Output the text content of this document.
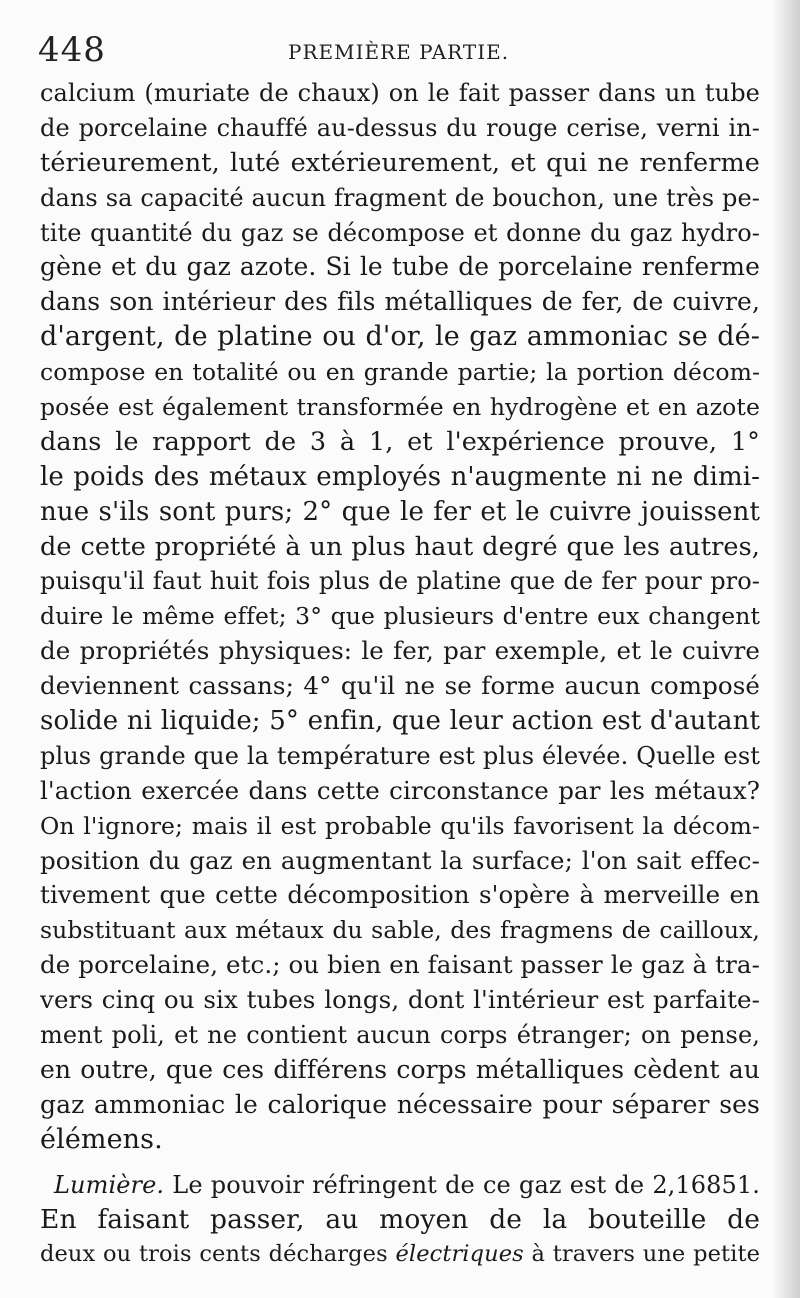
448	PREMIÈRE PARTIE.
calcium (muriate de chaux) on le fait passer dans un tube
de porcelaine chauffé au-dessus du rouge cerise, verni in-
térieurement, luté extérieurement, et qui ne renferme
dans sa capacité aucun fragment de bouchon, une très pe-
tite quantité du gaz se décompose et donne du gaz hydro-
gène et du gaz azote. Si le tube de porcelaine renferme
dans son intérieur des fils métalliques de fer, de cuivre,
d'argent, de platine ou d'or, le gaz ammoniac se dé-
compose en totalité ou en grande partie; la portion décom-
posée est également transformée en hydrogène et en azote
dans le rapport de 3 à 1, et l'expérience prouve, 1°
le poids des métaux employés n'augmente ni ne dimi-
nue s'ils sont purs; 2° que le fer et le cuivre jouissent
de cette propriété à un plus haut degré que les autres,
puisqu'il faut huit fois plus de platine que de fer pour pro-
duire le même effet; 3° que plusieurs d'entre eux changent
de propriétés physiques: le fer, par exemple, et le cuivre
deviennent cassans; 4° qu'il ne se forme aucun composé
solide ni liquide; 5° enfin, que leur action est d'autant
plus grande que la température est plus élevée. Quelle est
l'action exercée dans cette circonstance par les métaux?
On l'ignore; mais il est probable qu'ils favorisent la décom-
position du gaz en augmentant la surface; l'on sait effec-
tivement que cette décomposition s'opère à merveille en
substituant aux métaux du sable, des fragmens de cailloux,
de porcelaine, etc.; ou bien en faisant passer le gaz à tra-
vers cinq ou six tubes longs, dont l'intérieur est parfaite-
ment poli, et ne contient aucun corps étranger; on pense,
en outre, que ces différens corps métalliques cèdent au
gaz ammoniac le calorique nécessaire pour séparer ses
élémens.
Lumière. Le pouvoir réfringent de ce gaz est de 2,16851.
En faisant passer, au moyen de la bouteille de
deux ou trois cents décharges électriques à travers une petite
